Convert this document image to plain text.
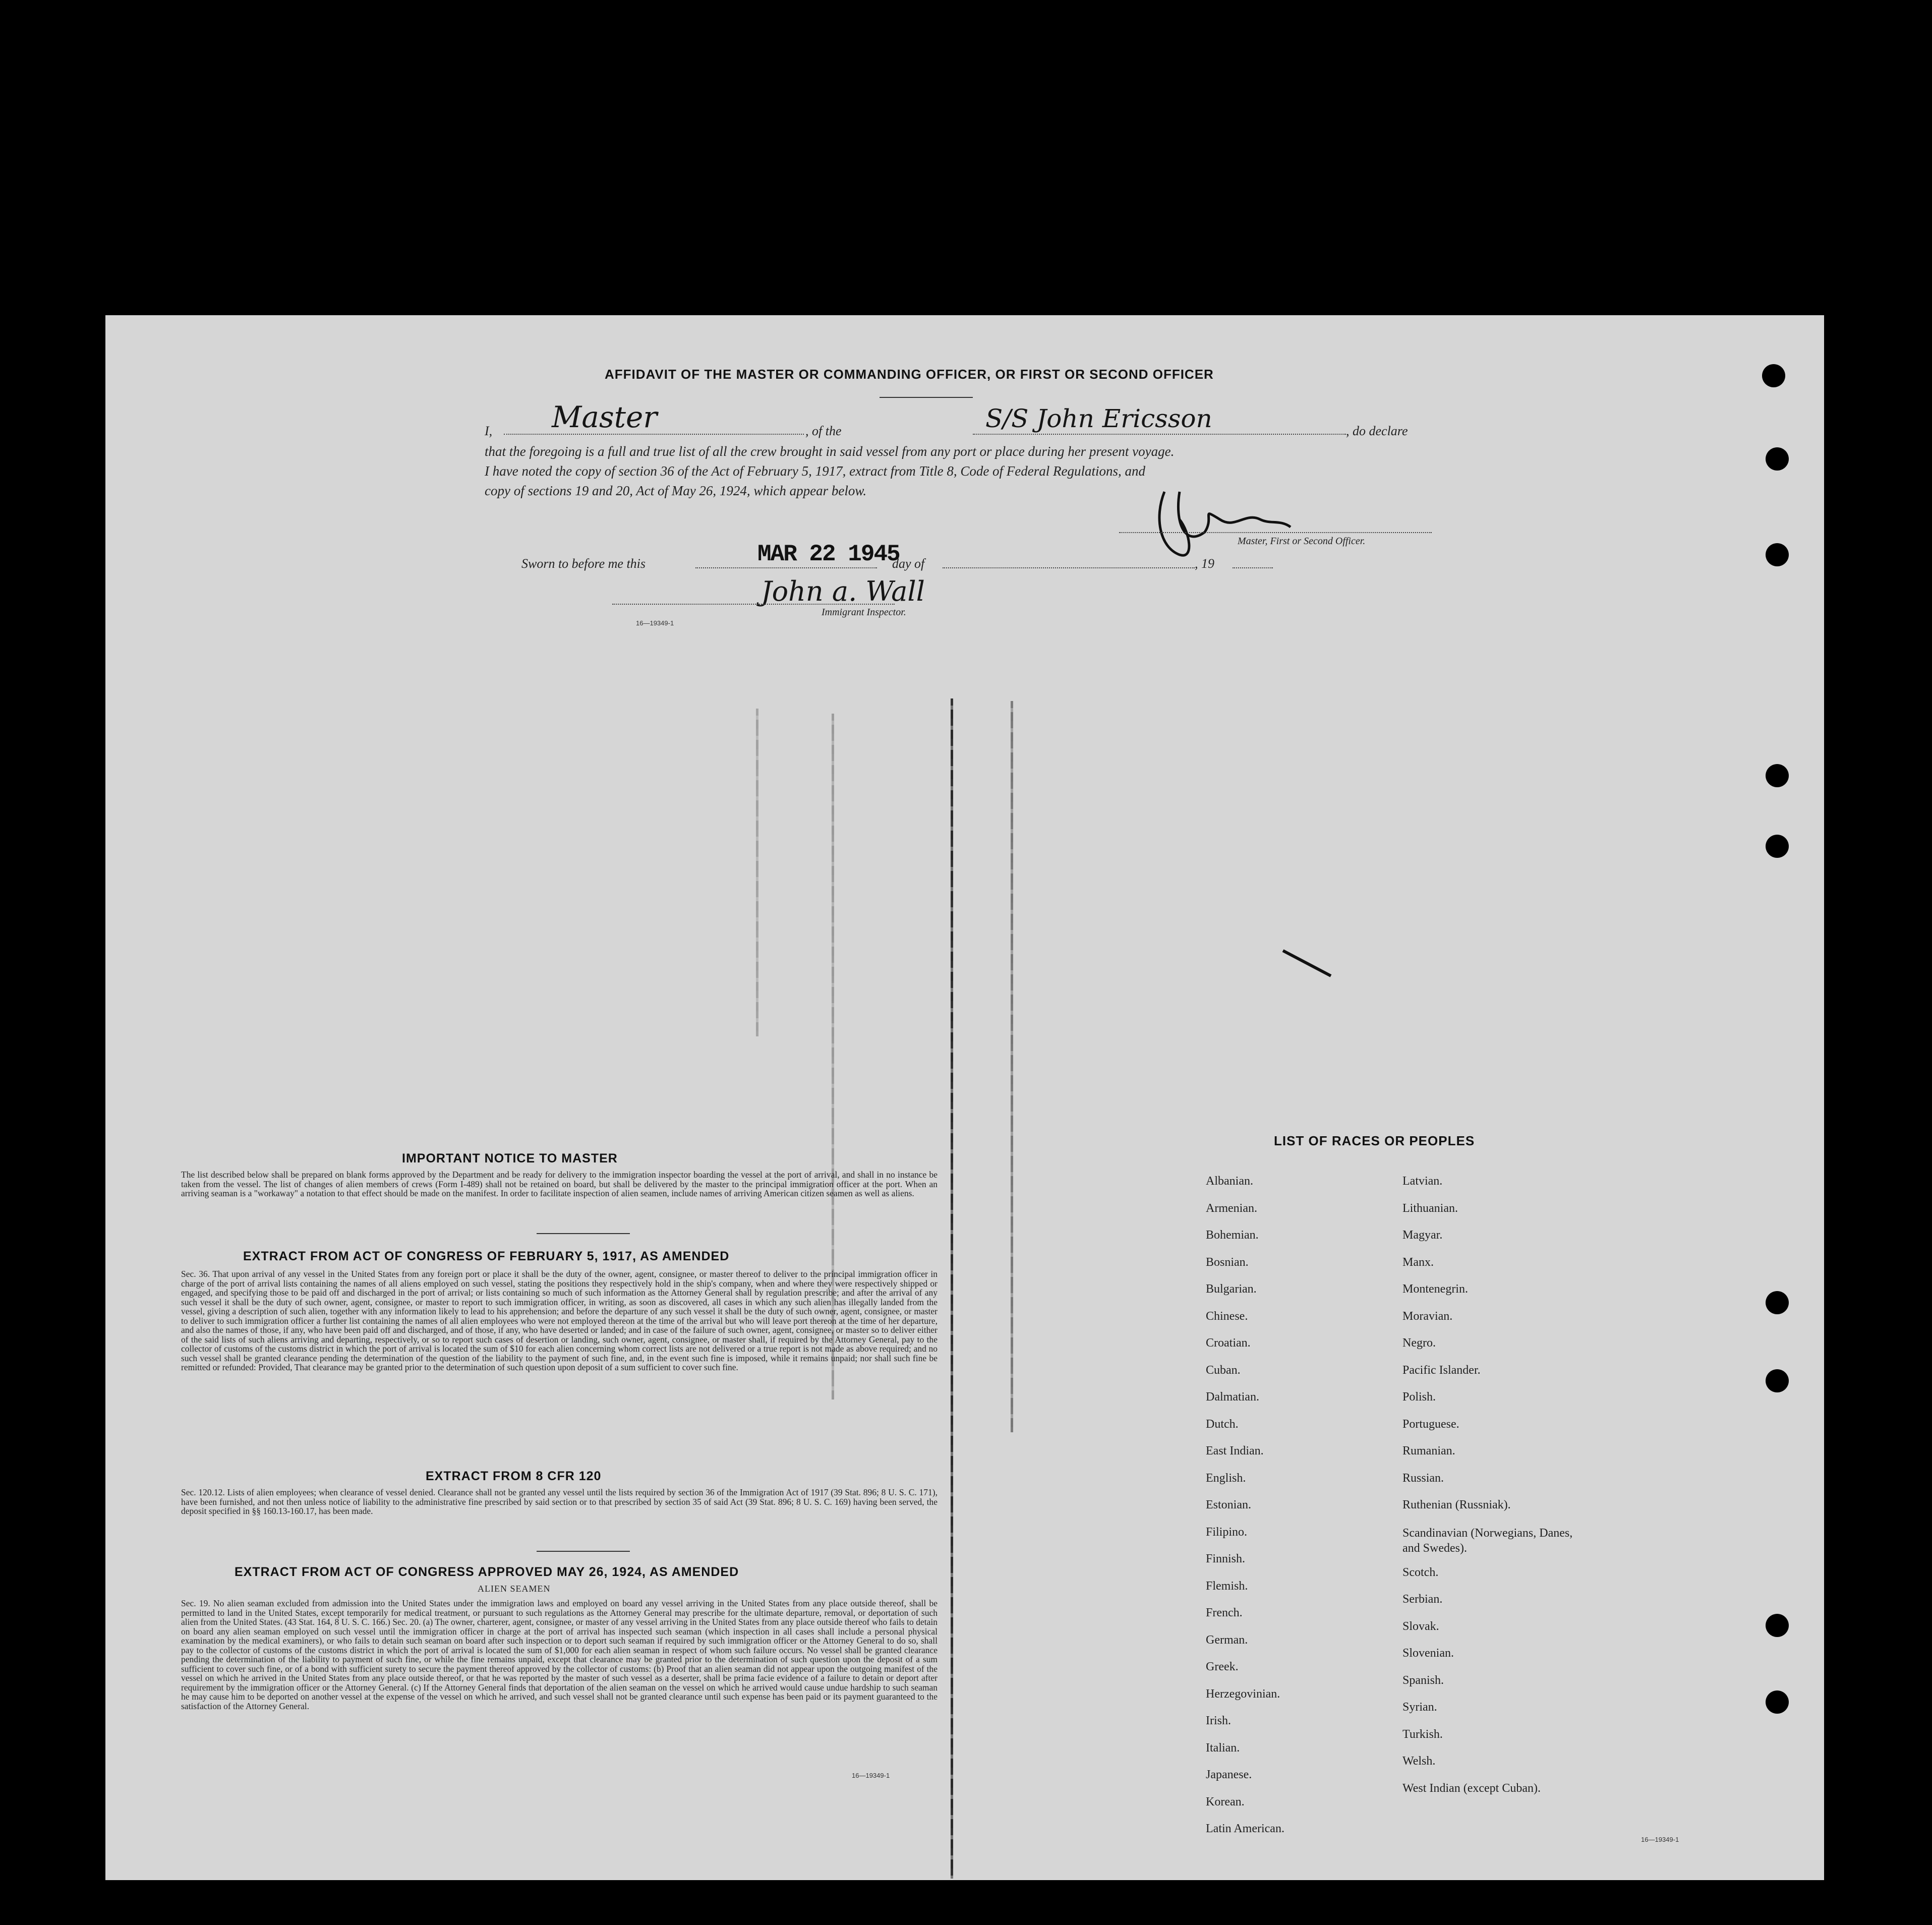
AFFIDAVIT OF THE MASTER OR COMMANDING OFFICER, OR FIRST OR SECOND OFFICER
I, Master	, of the	S/S John Ericsson	, do declare
that the foregoing is a full and true list of all the crew brought in said vessel from any port or place during her present voyage.
I have noted the copy of section 36 of the Act of February 5, 1917, extract from Title 8, Code of Federal Regulations, and
copy of sections 19 and 20, Act of May 26, 1924, which appear below.
Master, First or Second Officer.
Sworn to before me this	MAR 22 1945
day of	, 19
John a. Wall
Immigrant Inspector.
16—19349-1
IMPORTANT NOTICE TO MASTER
The list described below shall be prepared on blank forms approved by the Department and be ready for delivery to the immigration inspector boarding the vessel at the port of arrival, and shall in no instance be taken from the vessel. The list of changes of alien members of crews (Form I-489) shall not be retained on board, but shall be delivered by the master to the principal immigration officer at the port. When an arriving seaman is a "workaway" a notation to that effect should be made on the manifest. In order to facilitate inspection of alien seamen, include names of arriving American citizen seamen as well as aliens.
EXTRACT FROM ACT OF CONGRESS OF FEBRUARY 5, 1917, AS AMENDED
Sec. 36. That upon arrival of any vessel in the United States from any foreign port or place it shall be the duty of the owner, agent, consignee, or master thereof to deliver to the principal immigration officer in charge of the port of arrival lists containing the names of all aliens employed on such vessel, stating the positions they respectively hold in the ship's company, when and where they were respectively shipped or engaged, and specifying those to be paid off and discharged in the port of arrival; or lists containing so much of such information as the Attorney General shall by regulation prescribe; and after the arrival of any such vessel it shall be the duty of such owner, agent, consignee, or master to report to such immigration officer, in writing, as soon as discovered, all cases in which any such alien has illegally landed from the vessel, giving a description of such alien, together with any information likely to lead to his apprehension; and before the departure of any such vessel it shall be the duty of such owner, agent, consignee, or master to deliver to such immigration officer a further list containing the names of all alien employees who were not employed thereon at the time of the arrival but who will leave port thereon at the time of her departure, and also the names of those, if any, who have been paid off and discharged, and of those, if any, who have deserted or landed; and in case of the failure of such owner, agent, consignee, or master so to deliver either of the said lists of such aliens arriving and departing, respectively, or so to report such cases of desertion or landing, such owner, agent, consignee, or master shall, if required by the Attorney General, pay to the collector of customs of the customs district in which the port of arrival is located the sum of $10 for each alien concerning whom correct lists are not delivered or a true report is not made as above required; and no such vessel shall be granted clearance pending the determination of the question of the liability to the payment of such fine, and, in the event such fine is imposed, while it remains unpaid; nor shall such fine be remitted or refunded: Provided, That clearance may be granted prior to the determination of such question upon deposit of a sum sufficient to cover such fine.
EXTRACT FROM 8 CFR 120
Sec. 120.12. Lists of alien employees; when clearance of vessel denied. Clearance shall not be granted any vessel until the lists required by section 36 of the Immigration Act of 1917 (39 Stat. 896; 8 U. S. C. 171), have been furnished, and not then unless notice of liability to the administrative fine prescribed by said section or to that prescribed by section 35 of said Act (39 Stat. 896; 8 U. S. C. 169) having been served, the deposit specified in §§ 160.13-160.17, has been made.
EXTRACT FROM ACT OF CONGRESS APPROVED MAY 26, 1924, AS AMENDED
ALIEN SEAMEN
Sec. 19. No alien seaman excluded from admission into the United States under the immigration laws and employed on board any vessel arriving in the United States from any place outside thereof, shall be permitted to land in the United States, except temporarily for medical treatment, or pursuant to such regulations as the Attorney General may prescribe for the ultimate departure, removal, or deportation of such alien from the United States. (43 Stat. 164, 8 U. S. C. 166.) Sec. 20. (a) The owner, charterer, agent, consignee, or master of any vessel arriving in the United States from any place outside thereof who fails to detain on board any alien seaman employed on such vessel until the immigration officer in charge at the port of arrival has inspected such seaman (which inspection in all cases shall include a personal physical examination by the medical examiners), or who fails to detain such seaman on board after such inspection or to deport such seaman if required by such immigration officer or the Attorney General to do so, shall pay to the collector of customs of the customs district in which the port of arrival is located the sum of $1,000 for each alien seaman in respect of whom such failure occurs. No vessel shall be granted clearance pending the determination of the liability to payment of such fine, or while the fine remains unpaid, except that clearance may be granted prior to the determination of such question upon the deposit of a sum sufficient to cover such fine, or of a bond with sufficient surety to secure the payment thereof approved by the collector of customs: (b) Proof that an alien seaman did not appear upon the outgoing manifest of the vessel on which he arrived in the United States from any place outside thereof, or that he was reported by the master of such vessel as a deserter, shall be prima facie evidence of a failure to detain or deport after requirement by the immigration officer or the Attorney General. (c) If the Attorney General finds that deportation of the alien seaman on the vessel on which he arrived would cause undue hardship to such seaman he may cause him to be deported on another vessel at the expense of the vessel on which he arrived, and such vessel shall not be granted clearance until such expense has been paid or its payment guaranteed to the satisfaction of the Attorney General.
16—19349-1
LIST OF RACES OR PEOPLES
Albanian.
Armenian.
Bohemian.
Bosnian.
Bulgarian.
Chinese.
Croatian.
Cuban.
Dalmatian.
Dutch.
East Indian.
English.
Estonian.
Filipino.
Finnish.
Flemish.
French.
German.
Greek.
Herzegovinian.
Irish.
Italian.
Japanese.
Korean.
Latin American.
Latvian.
Lithuanian.
Magyar.
Manx.
Montenegrin.
Moravian.
Negro.
Pacific Islander.
Polish.
Portuguese.
Rumanian.
Russian.
Ruthenian (Russniak).
Scandinavian (Norwegians, Danes, and Swedes).
Scotch.
Serbian.
Slovak.
Slovenian.
Spanish.
Syrian.
Turkish.
Welsh.
West Indian (except Cuban).
16—19349-1
